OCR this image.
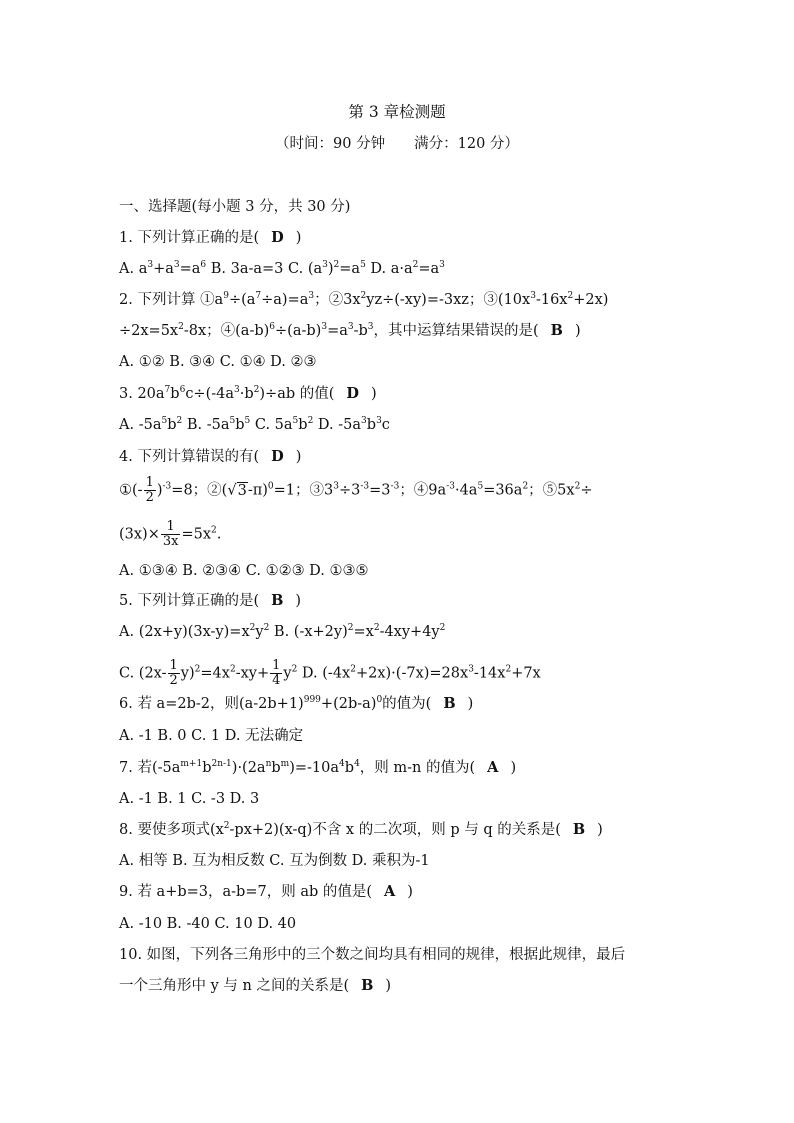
第 3 章检测题
（时间：90 分钟　　满分：120 分）
一、选择题(每小题 3 分，共 30 分)
1. 下列计算正确的是( D )
A. $a^3+a^3=a^6$ B. 3a-a=3 C. $(a^3)^2=a^5$ D. $a\cdot a^2=a^3$
2. 下列计算 $①a^9\div(a^7\div a)=a^3$；$②3x^2yz\div(-xy)=-3xz$；$③(10x^3-16x^2+2x)$
$\div 2x=5x^2-8x$；$④(a-b)^6\div(a-b)^3=a^3-b^3$，其中运算结果错误的是( B )
A. ①② B. ③④ C. ①④ D. ②③
3. $20a^7b^6c\div(-4a^3\cdot b^2)\div ab$ 的值( D )
A. $-5a^5b^2$ B. $-5a^5b^5$ C. $5a^5b^2$ D. $-5a^3b^3c$
4. 下列计算错误的有( D )
①(- $\frac{1}{2} )^{-3}=8$；$②(√3-\pi)^0=1$；$③3^3\div 3^{-3}=3^{-3}$；$④9a^{-3}\cdot 4a^5=36a^2$；$⑤5x^2\div$
$(3x)\times \frac{1}{3x} =5x^2$.
A. ①③④ B. ②③④ C. ①②③ D. ①③⑤
5. 下列计算正确的是( B )
A. $(2x+y)(3x-y)=x^2y^2$ B. $(-x+2y)^2=x^2-4xy+4y^2$
C. $(2x- \frac{1}{2} y)^2=4x^2-xy+ \frac{1}{4} y^2$ D. $(-4x^2+2x)\cdot(-7x)=28x^3-14x^2+7x$
6. 若 a=2b-2，则$(a-2b+1)^{999}+(2b-a)^0$的值为( B )
A. -1 B. 0 C. 1 D. 无法确定
7. 若$(-5a^{m+1}b^{2n-1})\cdot(2a^nb^m)=-10a^4b^4$，则 m-n 的值为( A )
A. -1 B. 1 C. -3 D. 3
8. 要使多项式$(x^2-px+2)(x-q)$不含 x 的二次项，则 p 与 q 的关系是( B )
A. 相等 B. 互为相反数 C. 互为倒数 D. 乘积为-1
9. 若 a+b=3，a-b=7，则 ab 的值是( A )
A. -10 B. -40 C. 10 D. 40
10. 如图，下列各三角形中的三个数之间均具有相同的规律，根据此规律，最后
一个三角形中 y 与 n 之间的关系是( B )
